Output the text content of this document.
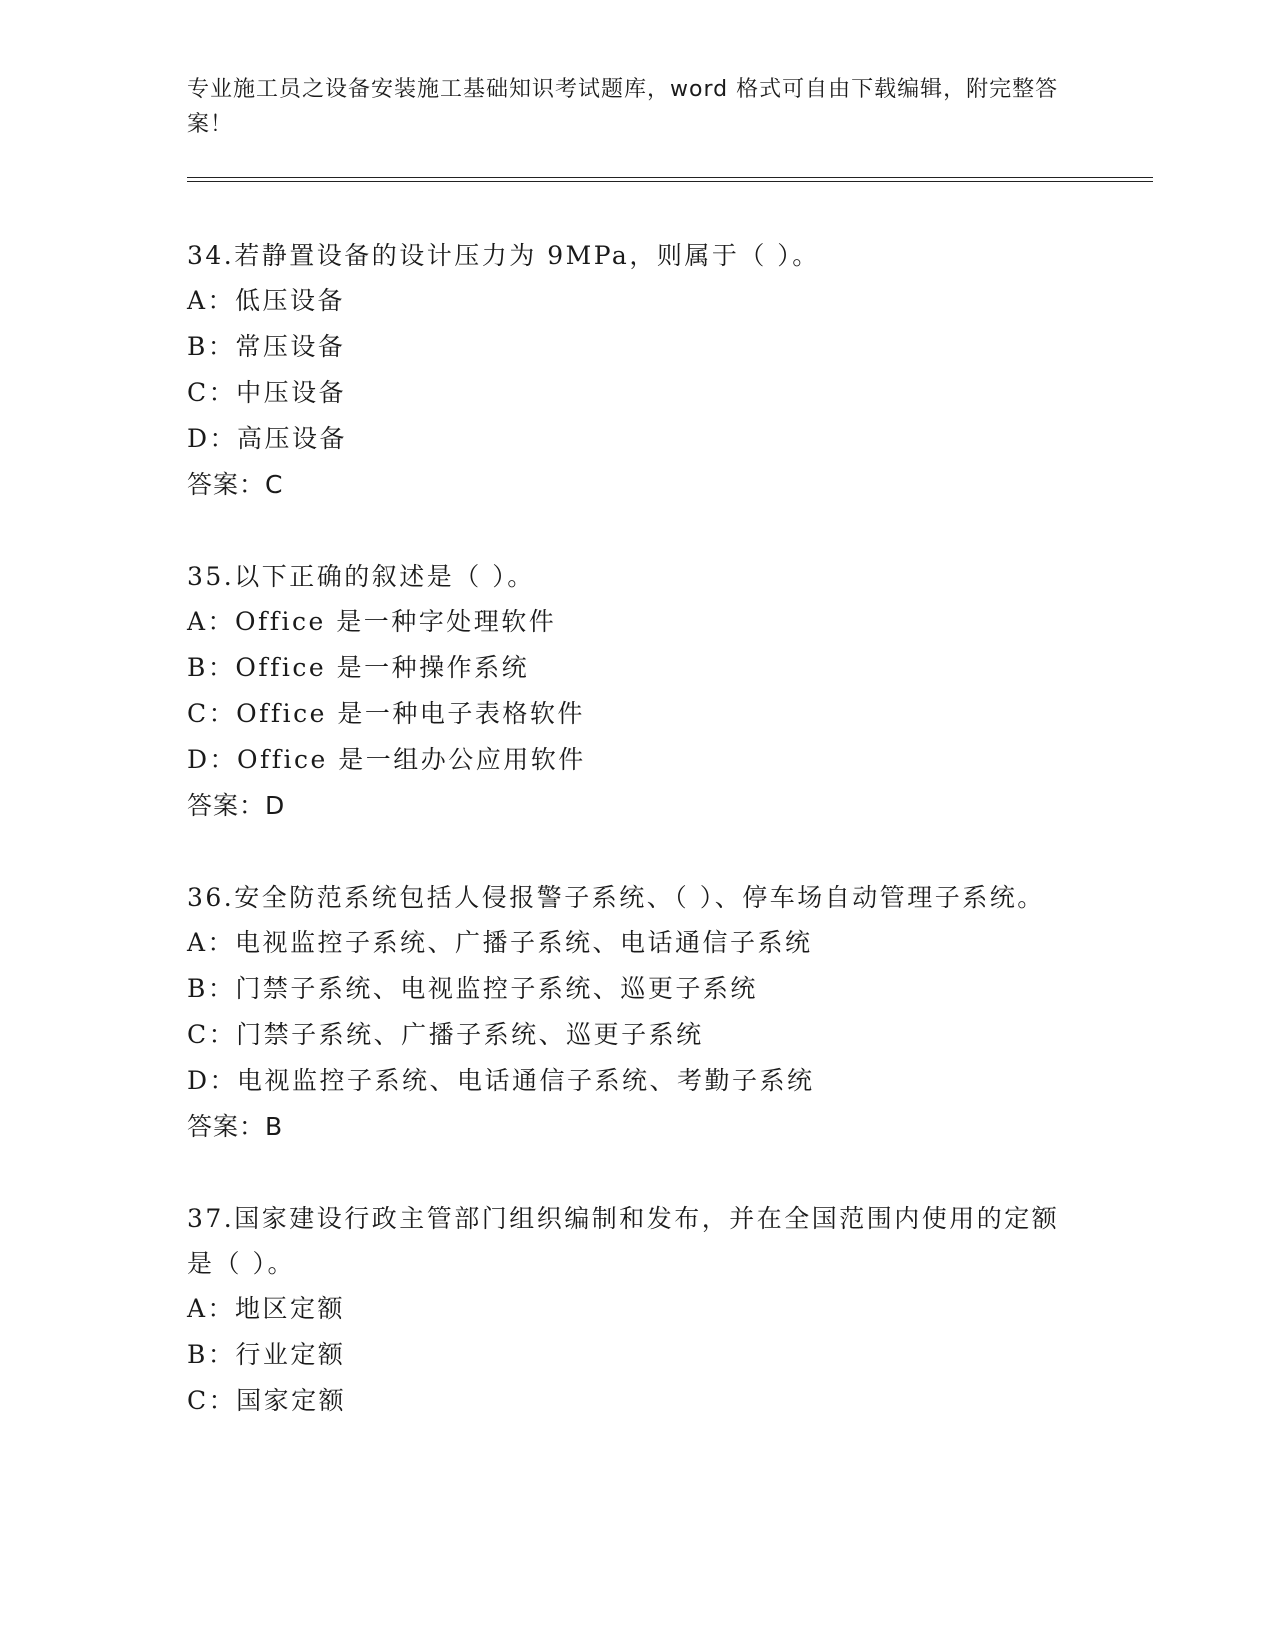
专业施工员之设备安装施工基础知识考试题库，word 格式可自由下载编辑，附完整答案！
34.若静置设备的设计压力为 9MPa，则属于（ ）。
A：低压设备
B：常压设备
C：中压设备
D：高压设备
答案：C
35.以下正确的叙述是（ ）。
A：Office 是一种字处理软件
B：Office 是一种操作系统
C：Office 是一种电子表格软件
D：Office 是一组办公应用软件
答案：D
36.安全防范系统包括人侵报警子系统、（ ）、停车场自动管理子系统。
A：电视监控子系统、广播子系统、电话通信子系统
B：门禁子系统、电视监控子系统、巡更子系统
C：门禁子系统、广播子系统、巡更子系统
D：电视监控子系统、电话通信子系统、考勤子系统
答案：B
37.国家建设行政主管部门组织编制和发布，并在全国范围内使用的定额是（ ）。
A：地区定额
B：行业定额
C：国家定额
